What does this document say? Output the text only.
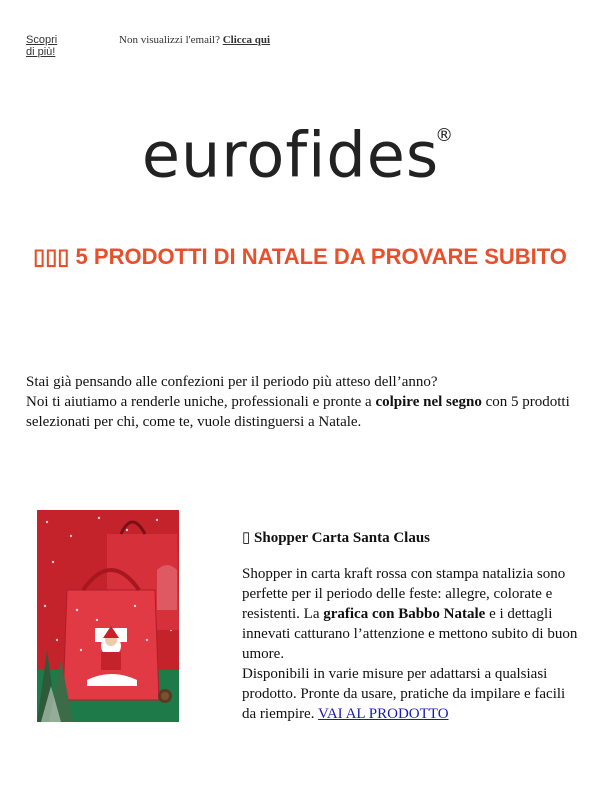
Scopri di più!
Non visualizzi l'email? Clicca qui
eurofides®
▯▯▯ 5 PRODOTTI DI NATALE DA PROVARE SUBITO
Stai già pensando alle confezioni per il periodo più atteso dell’anno?
Noi ti aiutiamo a renderle uniche, professionali e pronte a colpire nel segno con 5 prodotti selezionati per chi, come te, vuole distinguersi a Natale.
▯ Shopper Carta Santa Claus
Shopper in carta kraft rossa con stampa natalizia sono perfette per il periodo delle feste: allegre, colorate e resistenti. La grafica con Babbo Natale e i dettagli innevati catturano l’attenzione e mettono subito di buon umore.
Disponibili in varie misure per adattarsi a qualsiasi prodotto. Pronte da usare, pratiche da impilare e facili da riempire. VAI AL PRODOTTO
